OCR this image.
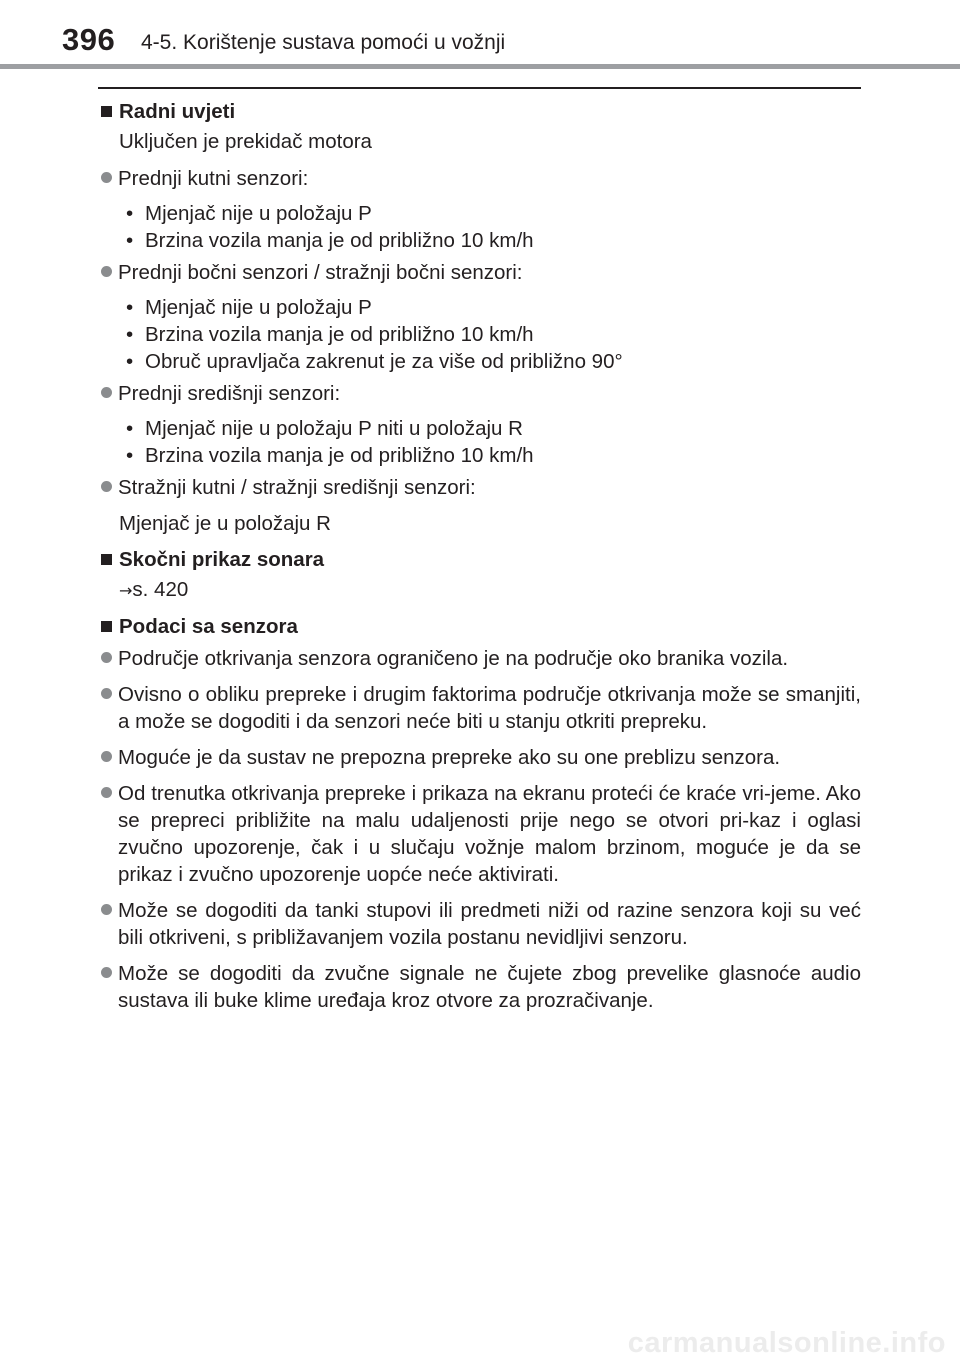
396 4-5. Korištenje sustava pomoći u vožnji
Radni uvjeti
Uključen je prekidač motora
Prednji kutni senzori:
• Mjenjač nije u položaju P
• Brzina vozila manja je od približno 10 km/h
Prednji bočni senzori / stražnji bočni senzori:
• Mjenjač nije u položaju P
• Brzina vozila manja je od približno 10 km/h
• Obruč upravljača zakrenut je za više od približno 90°
Prednji središnji senzori:
• Mjenjač nije u položaju P niti u položaju R
• Brzina vozila manja je od približno 10 km/h
Stražnji kutni / stražnji središnji senzori:
Mjenjač je u položaju R
Skočni prikaz sonara
→s. 420
Podaci sa senzora
Područje otkrivanja senzora ograničeno je na područje oko branika vozila.
Ovisno o obliku prepreke i drugim faktorima područje otkrivanja može se smanjiti, a može se dogoditi i da senzori neće biti u stanju otkriti prepreku.
Moguće je da sustav ne prepozna prepreke ako su one preblizu senzora.
Od trenutka otkrivanja prepreke i prikaza na ekranu proteći će kraće vri-jeme. Ako se prepreci približite na malu udaljenosti prije nego se otvori pri-kaz i oglasi zvučno upozorenje, čak i u slučaju vožnje malom brzinom, moguće je da se prikaz i zvučno upozorenje uopće neće aktivirati.
Može se dogoditi da tanki stupovi ili predmeti niži od razine senzora koji su već bili otkriveni, s približavanjem vozila postanu nevidljivi senzoru.
Može se dogoditi da zvučne signale ne čujete zbog prevelike glasnoće audio sustava ili buke klime uređaja kroz otvore za prozračivanje.
carmanualsonline.info
